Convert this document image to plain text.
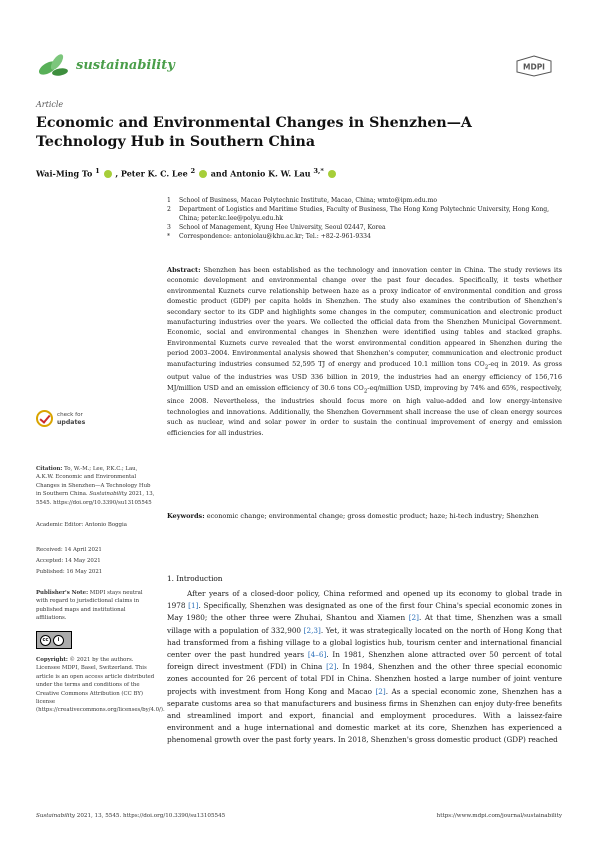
sustainability	MDPI
Article
Economic and Environmental Changes in Shenzhen—A Technology Hub in Southern China
Wai-Ming To $^1$ , Peter K. C. Lee $^2$  and Antonio K. W. Lau $^{3,*}$
1	School of Business, Macao Polytechnic Institute, Macao, China; wmto@ipm.edu.mo
2	Department of Logistics and Maritime Studies, Faculty of Business, The Hong Kong Polytechnic University, Hong Kong, China; peter.kc.lee@polyu.edu.hk
3	School of Management, Kyung Hee University, Seoul 02447, Korea
*	Correspondence: antoniolau@khu.ac.kr; Tel.: +82-2-961-9334
Abstract: Shenzhen has been established as the technology and innovation center in China. The study reviews its economic development and environmental change over the past four decades. Specifically, it tests whether environmental Kuznets curve relationship between haze as a proxy indicator of environmental condition and gross domestic product (GDP) per capita holds in Shenzhen. The study also examines the contribution of Shenzhen's secondary sector to its GDP and highlights some changes in the computer, communication and electronic product manufacturing industries over the years. We collected the official data from the Shenzhen Municipal Government. Economic, social and environmental changes in Shenzhen were identified using tables and stacked graphs. Environmental Kuznets curve revealed that the worst environmental condition appeared in Shenzhen during the period 2003–2004. Environmental analysis showed that Shenzhen's computer, communication and electronic product manufacturing industries consumed 52,595 TJ of energy and produced 10.1 million tons $CO_2-eq$ in 2019. As gross output value of the industries was USD 336 billion in 2019, the industries had an energy efficiency of 156,716 MJ/million USD and an emission efficiency of 30.6 tons $CO_2-eq$/million USD, improving by 74% and 65%, respectively, since 2008. Nevertheless, the industries should focus more on high value-added and low energy-intensive technologies and innovations. Additionally, the Shenzhen Government shall increase the use of clean energy sources such as nuclear, wind and solar power in order to sustain the continual improvement of energy and emission efficiencies for all industries.
Keywords: economic change; environmental change; gross domestic product; haze; hi-tech industry; Shenzhen
check for
updates
Citation: To, W.-M.; Lee, P.K.C.; Lau, A.K.W. Economic and Environmental Changes in Shenzhen—A Technology Hub in Southern China. Sustainability 2021, 13, 5545. https://doi.org/10.3390/su13105545
Academic Editor: Antonio Boggia
Received: 14 April 2021
Accepted: 14 May 2021
Published: 16 May 2021
Publisher's Note: MDPI stays neutral with regard to jurisdictional claims in published maps and institutional affiliations.
cc	i
Copyright: © 2021 by the authors. Licensee MDPI, Basel, Switzerland. This article is an open access article distributed under the terms and conditions of the Creative Commons Attribution (CC BY) license (https://creativecommons.org/licenses/by/4.0/).
1. Introduction
After years of a closed-door policy, China reformed and opened up its economy to global trade in 1978 [1]. Specifically, Shenzhen was designated as one of the first four China's special economic zones in May 1980; the other three were Zhuhai, Shantou and Xiamen [2]. At that time, Shenzhen was a small village with a population of 332,900 [2,3]. Yet, it was strategically located on the north of Hong Kong that had transformed from a fishing village to a global logistics hub, tourism center and international financial center over the past hundred years [4–6]. In 1981, Shenzhen alone attracted over 50 percent of total foreign direct investment (FDI) in China [2]. In 1984, Shenzhen and the other three special economic zones accounted for 26 percent of total FDI in China. Shenzhen hosted a large number of joint venture projects with investment from Hong Kong and Macao [2]. As a special economic zone, Shenzhen has a separate customs area so that manufacturers and business firms in Shenzhen can enjoy duty-free benefits and streamlined import and export, financial and employment procedures. With a laissez-faire environment and a huge international and domestic market at its core, Shenzhen has experienced a phenomenal growth over the past forty years. In 2018, Shenzhen's gross domestic product (GDP) reached
Sustainability 2021, 13, 5545. https://doi.org/10.3390/su13105545	https://www.mdpi.com/journal/sustainability
